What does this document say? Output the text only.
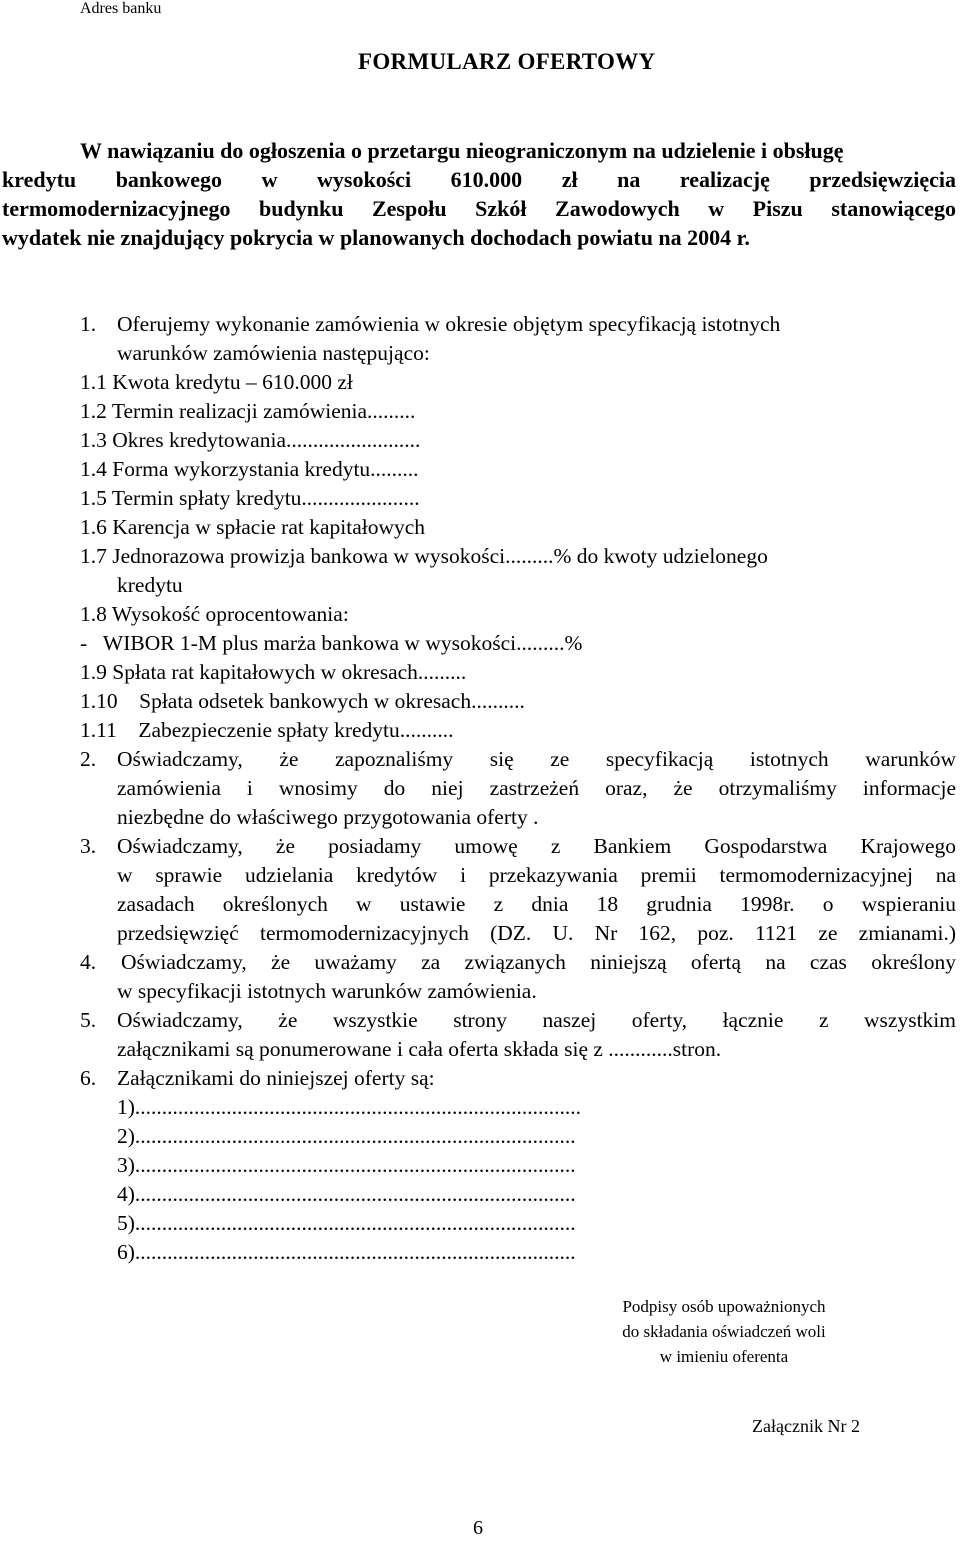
Adres banku
FORMULARZ OFERTOWY
W nawiązaniu do ogłoszenia o przetargu nieograniczonym na udzielenie i obsługę
kredytu bankowego w wysokości 610.000 zł na realizację przedsięwzięcia
termomodernizacyjnego budynku Zespołu Szkół Zawodowych w Piszu stanowiącego
wydatek nie znajdujący pokrycia w planowanych dochodach powiatu na 2004 r.
1. Oferujemy wykonanie zamówienia w okresie objętym specyfikacją istotnych
warunków zamówienia następująco:
1.1 Kwota kredytu – 610.000 zł
1.2 Termin realizacji zamówienia.........
1.3 Okres kredytowania.........................
1.4 Forma wykorzystania kredytu.........
1.5 Termin spłaty kredytu......................
1.6 Karencja w spłacie rat kapitałowych
1.7 Jednorazowa prowizja bankowa w wysokości.........% do kwoty udzielonego
kredytu
1.8 Wysokość oprocentowania:
-   WIBOR 1-M plus marża bankowa w wysokości.........%
1.9 Spłata rat kapitałowych w okresach.........
1.10    Spłata odsetek bankowych w okresach..........
1.11    Zabezpieczenie spłaty kredytu..........
2. Oświadczamy, że zapoznaliśmy się ze specyfikacją istotnych warunków
zamówienia i wnosimy do niej zastrzeżeń oraz, że otrzymaliśmy informacje
niezbędne do właściwego przygotowania oferty .
3. Oświadczamy, że posiadamy umowę z Bankiem Gospodarstwa Krajowego
w sprawie udzielania kredytów i przekazywania premii termomodernizacyjnej na
zasadach określonych w ustawie z dnia 18 grudnia 1998r. o wspieraniu
przedsięwzięć termomodernizacyjnych (DZ. U. Nr 162, poz. 1121 ze zmianami.)
4. Oświadczamy, że uważamy za związanych niniejszą ofertą na czas określony
w specyfikacji istotnych warunków zamówienia.
5. Oświadczamy, że wszystkie strony naszej oferty, łącznie z wszystkim
załącznikami są ponumerowane i cała oferta składa się z ............stron.
6. Załącznikami do niniejszej oferty są:
1)...................................................................................
2)..................................................................................
3)..................................................................................
4)..................................................................................
5)..................................................................................
6)..................................................................................
Podpisy osób upoważnionych
do składania oświadczeń woli
w imieniu oferenta
Załącznik Nr 2
6
